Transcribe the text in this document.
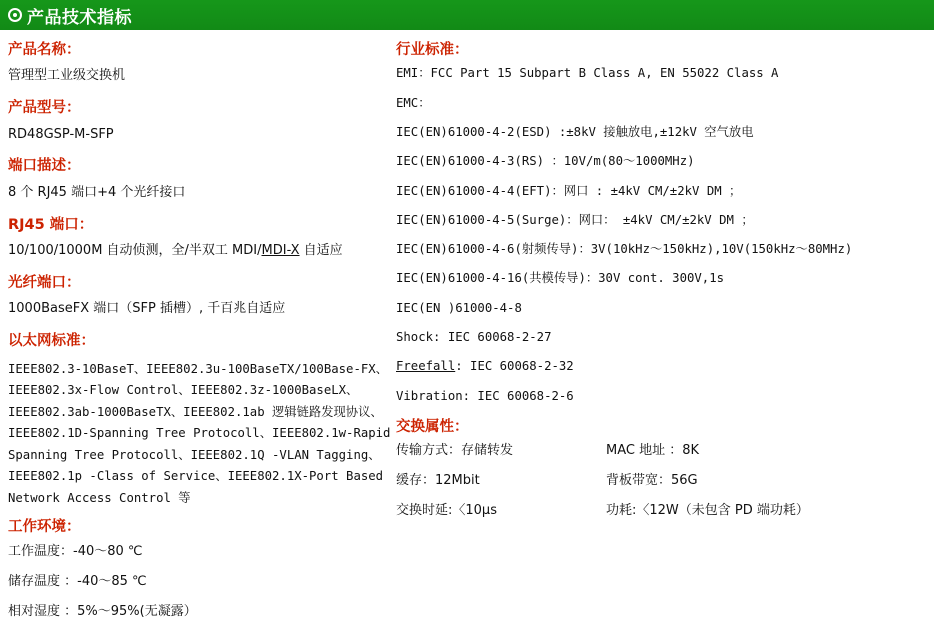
产品技术指标
产品名称：
管理型工业级交换机
产品型号：
RD48GSP-M-SFP
端口描述：
8 个 RJ45 端口+4 个光纤接口
RJ45 端口：
10/100/1000M 自动侦测，全/半双工 MDI/MDI-X 自适应
光纤端口：
1000BaseFX 端口（SFP 插槽）, 千百兆自适应
以太网标准：
IEEE802.3-10BaseT、IEEE802.3u-100BaseTX/100Base-FX、
IEEE802.3x-Flow Control、IEEE802.3z-1000BaseLX、
IEEE802.3ab-1000BaseTX、IEEE802.1ab 逻辑链路发现协议、
IEEE802.1D-Spanning Tree Protocoll、IEEE802.1w-Rapid
Spanning Tree Protocoll、IEEE802.1Q -VLAN Tagging、
IEEE802.1p -Class of Service、IEEE802.1X-Port Based
Network Access Control 等
工作环境：
工作温度：-40～80 ℃
储存温度 ：-40～85 ℃
相对湿度 ：5%～95%(无凝露）
行业标准：
EMI：FCC Part 15 Subpart B Class A, EN 55022 Class A
EMC：
IEC(EN)61000-4-2(ESD) :±8kV 接触放电,±12kV 空气放电
IEC(EN)61000-4-3(RS) ：10V/m(80～1000MHz)
IEC(EN)61000-4-4(EFT)：网口 : ±4kV CM/±2kV DM ；
IEC(EN)61000-4-5(Surge)：网口： ±4kV CM/±2kV DM ；
IEC(EN)61000-4-6(射频传导)：3V(10kHz～150kHz),10V(150kHz～80MHz)
IEC(EN)61000-4-16(共模传导)：30V cont. 300V,1s
IEC(EN )61000-4-8
Shock: IEC 60068-2-27
Freefall: IEC 60068-2-32
Vibration: IEC 60068-2-6
交换属性：
传输方式：存储转发	MAC 地址 ：8K
缓存：12Mbit	背板带宽：56G
交换时延:〈10μs	功耗:〈12W（未包含 PD 端功耗）
